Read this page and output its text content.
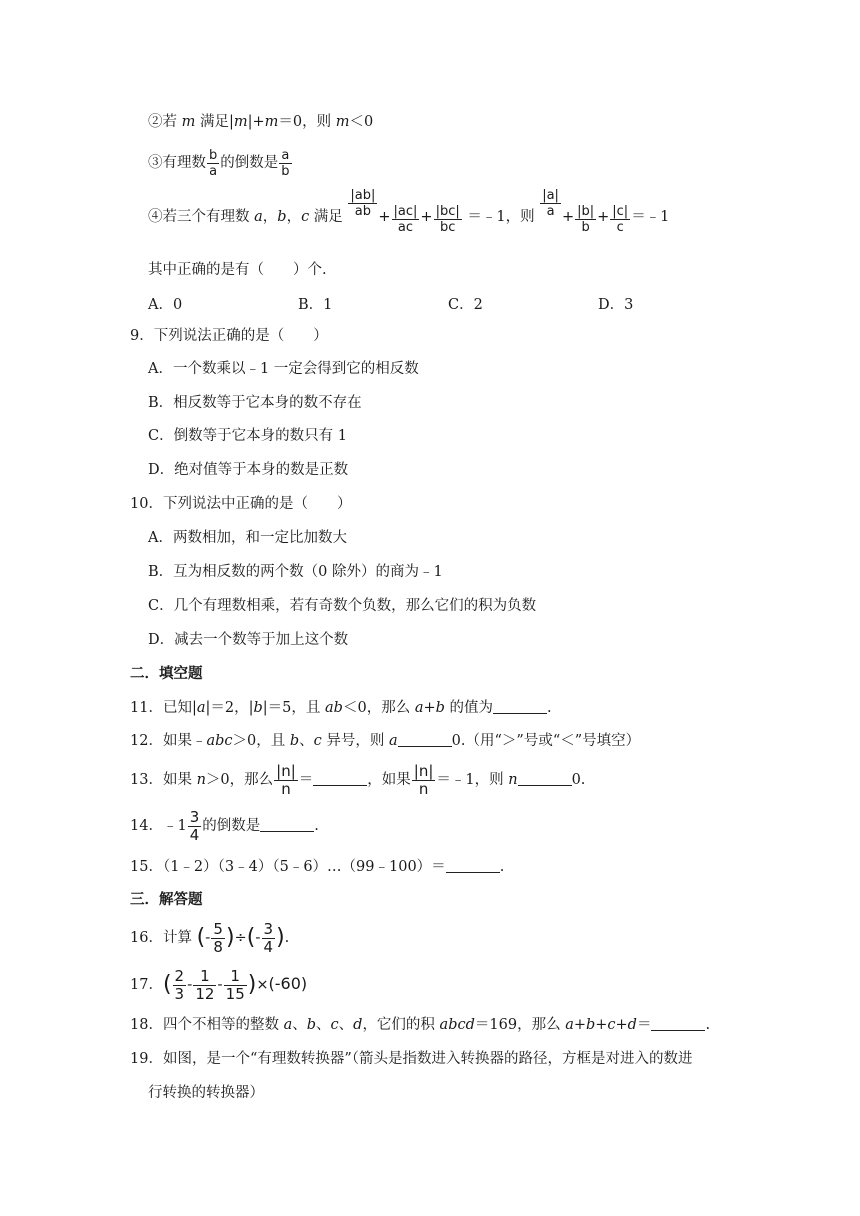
②若 m 满足|m|+m＝0，则 m＜0
③有理数 $\frac{b}{a}$ 的倒数是 $\frac{a}{b}$
④若三个有理数 a，b，c 满足 $\frac{|ab|}{ab} + \frac{|ac|}{ac} + \frac{|bc|}{bc}$ ＝﹣1，则 $\frac{|a|}{a} + \frac{|b|}{b} + \frac{|c|}{c}$ ＝﹣1
其中正确的是有（　　）个.
A．0	B．1	C．2	D．3
9．下列说法正确的是（　　）
A．一个数乘以﹣1 一定会得到它的相反数
B．相反数等于它本身的数不存在
C．倒数等于它本身的数只有 1
D．绝对值等于本身的数是正数
10．下列说法中正确的是（　　）
A．两数相加，和一定比加数大
B．互为相反数的两个数（0 除外）的商为﹣1
C．几个有理数相乘，若有奇数个负数，那么它们的积为负数
D．减去一个数等于加上这个数
二．填空题
11．已知|a|＝2，|b|＝5，且 ab＜0，那么 a+b 的值为	.
12．如果﹣abc＞0，且 b、c 异号，则 a	0.（用“＞”号或“＜”号填空）
13．如果 n＞0，那么 $\frac{|n|}{n}$ ＝	，如果 $\frac{|n|}{n}$ ＝﹣1，则 n	0.
14．﹣1 $\frac{3}{4}$ 的倒数是	.
15．（1﹣2）（3﹣4）（5﹣6）…（99﹣100）＝	.
三．解答题
16．计算 (- $\frac{5}{8}$ )÷(- $\frac{3}{4}$ ).
17．( $\frac{2}{3} - \frac{1}{12} - \frac{1}{15} )\times(-60)$
18．四个不相等的整数 a、b、c、d，它们的积 abcd＝169，那么 a+b+c+d＝	.
19．如图，是一个“有理数转换器”（箭头是指数进入转换器的路径，方框是对进入的数进
行转换的转换器）
